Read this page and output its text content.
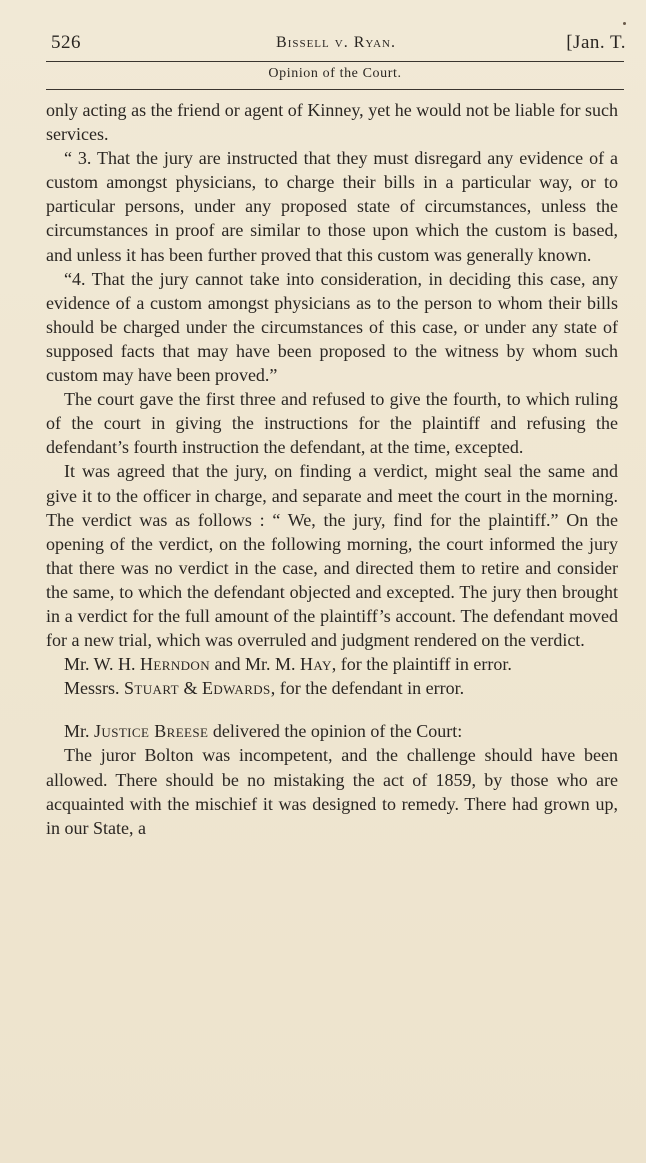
526	Bissell v. Ryan.	[Jan. T.
Opinion of the Court.

only acting as the friend or agent of Kinney, yet he would not be liable for such services.

“ 3. That the jury are instructed that they must disregard any evidence of a custom amongst physicians, to charge their bills in a particular way, or to particular persons, under any proposed state of circumstances, unless the circumstances in proof are similar to those upon which the custom is based, and unless it has been further proved that this custom was generally known.

“4. That the jury cannot take into consideration, in deciding this case, any evidence of a custom amongst physicians as to the person to whom their bills should be charged under the circumstances of this case, or under any state of supposed facts that may have been proposed to the witness by whom such custom may have been proved.”

The court gave the first three and refused to give the fourth, to which ruling of the court in giving the instructions for the plaintiff and refusing the defendant’s fourth instruction the defendant, at the time, excepted.

It was agreed that the jury, on finding a verdict, might seal the same and give it to the officer in charge, and separate and meet the court in the morning. The verdict was as follows : “ We, the jury, find for the plaintiff.” On the opening of the verdict, on the following morning, the court informed the jury that there was no verdict in the case, and directed them to retire and consider the same, to which the defendant objected and excepted. The jury then brought in a verdict for the full amount of the plaintiff’s account. The defendant moved for a new trial, which was overruled and judgment rendered on the verdict.

Mr. W. H. Herndon and Mr. M. Hay, for the plaintiff in error.

Messrs. Stuart & Edwards, for the defendant in error.

Mr. Justice Breese delivered the opinion of the Court:

The juror Bolton was incompetent, and the challenge should have been allowed. There should be no mistaking the act of 1859, by those who are acquainted with the mischief it was designed to remedy. There had grown up, in our State, a
